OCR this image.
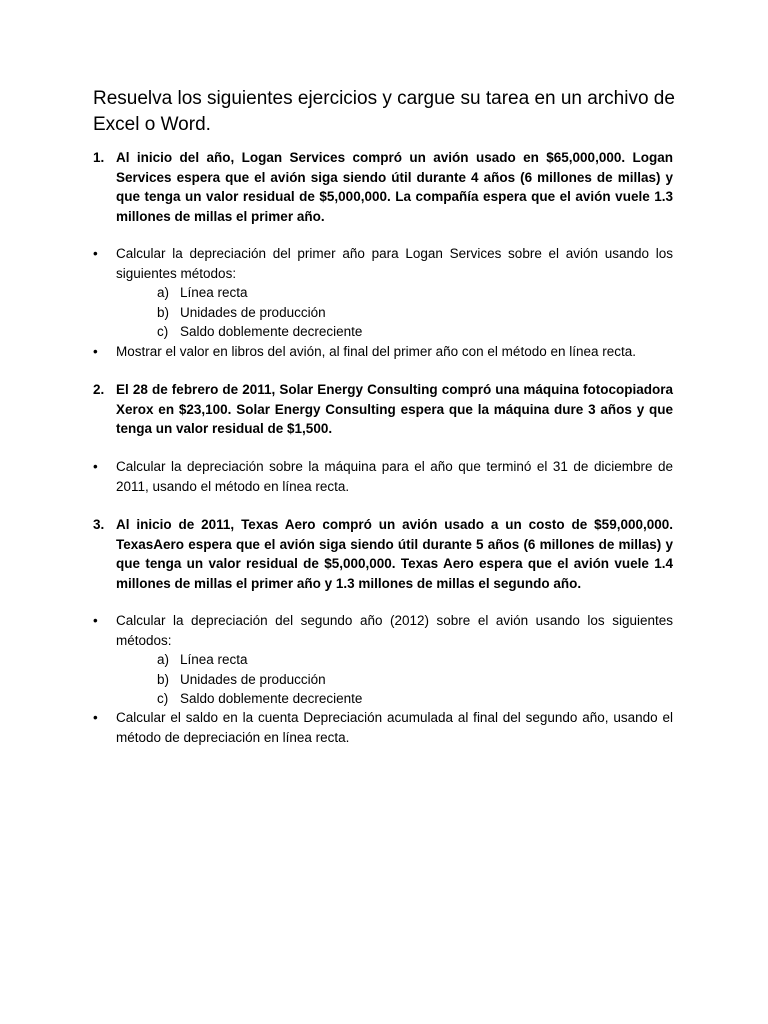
Resuelva los siguientes ejercicios y cargue su tarea en un archivo de Excel o Word.

1. Al inicio del año, Logan Services compró un avión usado en $65,000,000. Logan Services espera que el avión siga siendo útil durante 4 años (6 millones de millas) y que tenga un valor residual de $5,000,000. La compañía espera que el avión vuele 1.3 millones de millas el primer año.
• Calcular la depreciación del primer año para Logan Services sobre el avión usando los siguientes métodos:
a) Línea recta
b) Unidades de producción
c) Saldo doblemente decreciente
• Mostrar el valor en libros del avión, al final del primer año con el método en línea recta.
2. El 28 de febrero de 2011, Solar Energy Consulting compró una máquina fotocopiadora Xerox en $23,100. Solar Energy Consulting espera que la máquina dure 3 años y que tenga un valor residual de $1,500.
• Calcular la depreciación sobre la máquina para el año que terminó el 31 de diciembre de 2011, usando el método en línea recta.
3. Al inicio de 2011, Texas Aero compró un avión usado a un costo de $59,000,000. TexasAero espera que el avión siga siendo útil durante 5 años (6 millones de millas) y que tenga un valor residual de $5,000,000. Texas Aero espera que el avión vuele 1.4 millones de millas el primer año y 1.3 millones de millas el segundo año.
• Calcular la depreciación del segundo año (2012) sobre el avión usando los siguientes métodos:
a) Línea recta
b) Unidades de producción
c) Saldo doblemente decreciente
• Calcular el saldo en la cuenta Depreciación acumulada al final del segundo año, usando el método de depreciación en línea recta.
